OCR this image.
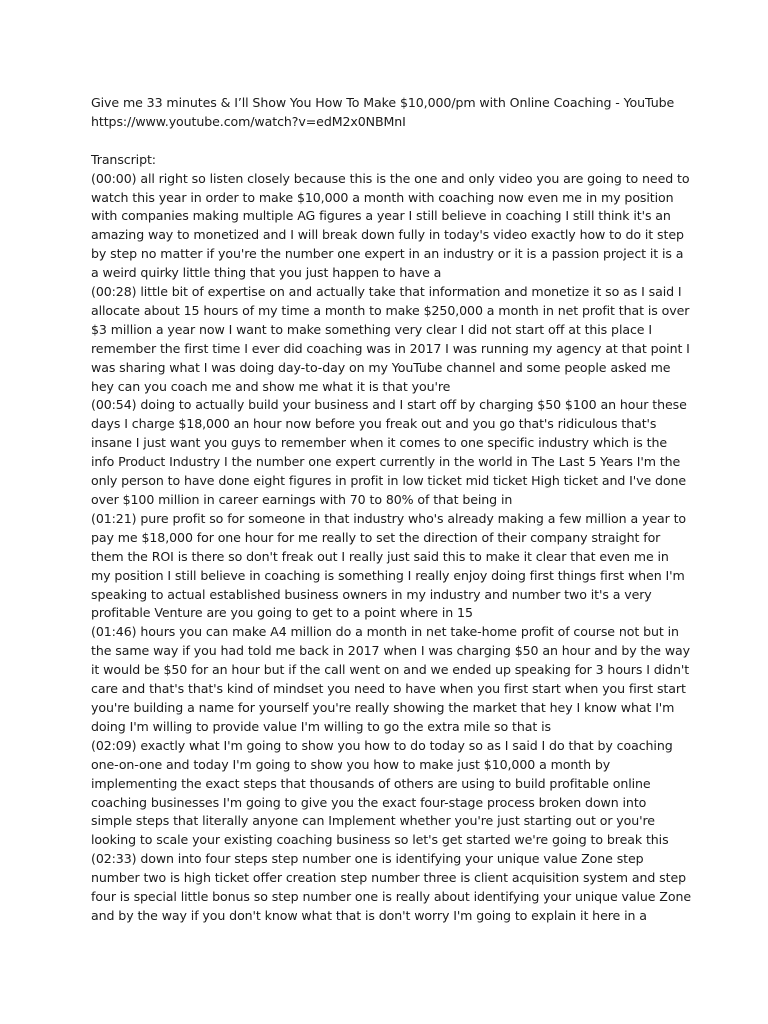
Give me 33 minutes & I’ll Show You How To Make $10,000/pm with Online Coaching - YouTube

https://www.youtube.com/watch?v=edM2x0NBMnI

Transcript:

(00:00) all right so listen closely because this is the one and only video you are going to need to watch this year in order to make $10,000 a month with coaching now even me in my position with companies making multiple AG figures a year I still believe in coaching I still think it's an amazing way to monetized and I will break down fully in today's video exactly how to do it step by step no matter if you're the number one expert in an industry or it is a passion project it is a a weird quirky little thing that you just happen to have a

(00:28) little bit of expertise on and actually take that information and monetize it so as I said I allocate about 15 hours of my time a month to make $250,000 a month in net profit that is over $3 million a year now I want to make something very clear I did not start off at this place I remember the first time I ever did coaching was in 2017 I was running my agency at that point I was sharing what I was doing day-to-day on my YouTube channel and some people asked me hey can you coach me and show me what it is that you're

(00:54) doing to actually build your business and I start off by charging $50 $100 an hour these days I charge $18,000 an hour now before you freak out and you go that's ridiculous that's insane I just want you guys to remember when it comes to one specific industry which is the info Product Industry I the number one expert currently in the world in The Last 5 Years I'm the only person to have done eight figures in profit in low ticket mid ticket High ticket and I've done over $100 million in career earnings with 70 to 80% of that being in

(01:21) pure profit so for someone in that industry who's already making a few million a year to pay me $18,000 for one hour for me really to set the direction of their company straight for them the ROI is there so don't freak out I really just said this to make it clear that even me in my position I still believe in coaching is something I really enjoy doing first things first when I'm speaking to actual established business owners in my industry and number two it's a very profitable Venture are you going to get to a point where in 15

(01:46) hours you can make A4 million do a month in net take-home profit of course not but in the same way if you had told me back in 2017 when I was charging $50 an hour and by the way it would be $50 for an hour but if the call went on and we ended up speaking for 3 hours I didn't care and that's that's kind of mindset you need to have when you first start when you first start you're building a name for yourself you're really showing the market that hey I know what I'm doing I'm willing to provide value I'm willing to go the extra mile so that is

(02:09) exactly what I'm going to show you how to do today so as I said I do that by coaching one-on-one and today I'm going to show you how to make just $10,000 a month by implementing the exact steps that thousands of others are using to build profitable online coaching businesses I'm going to give you the exact four-stage process broken down into simple steps that literally anyone can Implement whether you're just starting out or you're looking to scale your existing coaching business so let's get started we're going to break this

(02:33) down into four steps step number one is identifying your unique value Zone step number two is high ticket offer creation step number three is client acquisition system and step four is special little bonus so step number one is really about identifying your unique value Zone and by the way if you don't know what that is don't worry I'm going to explain it here in a
